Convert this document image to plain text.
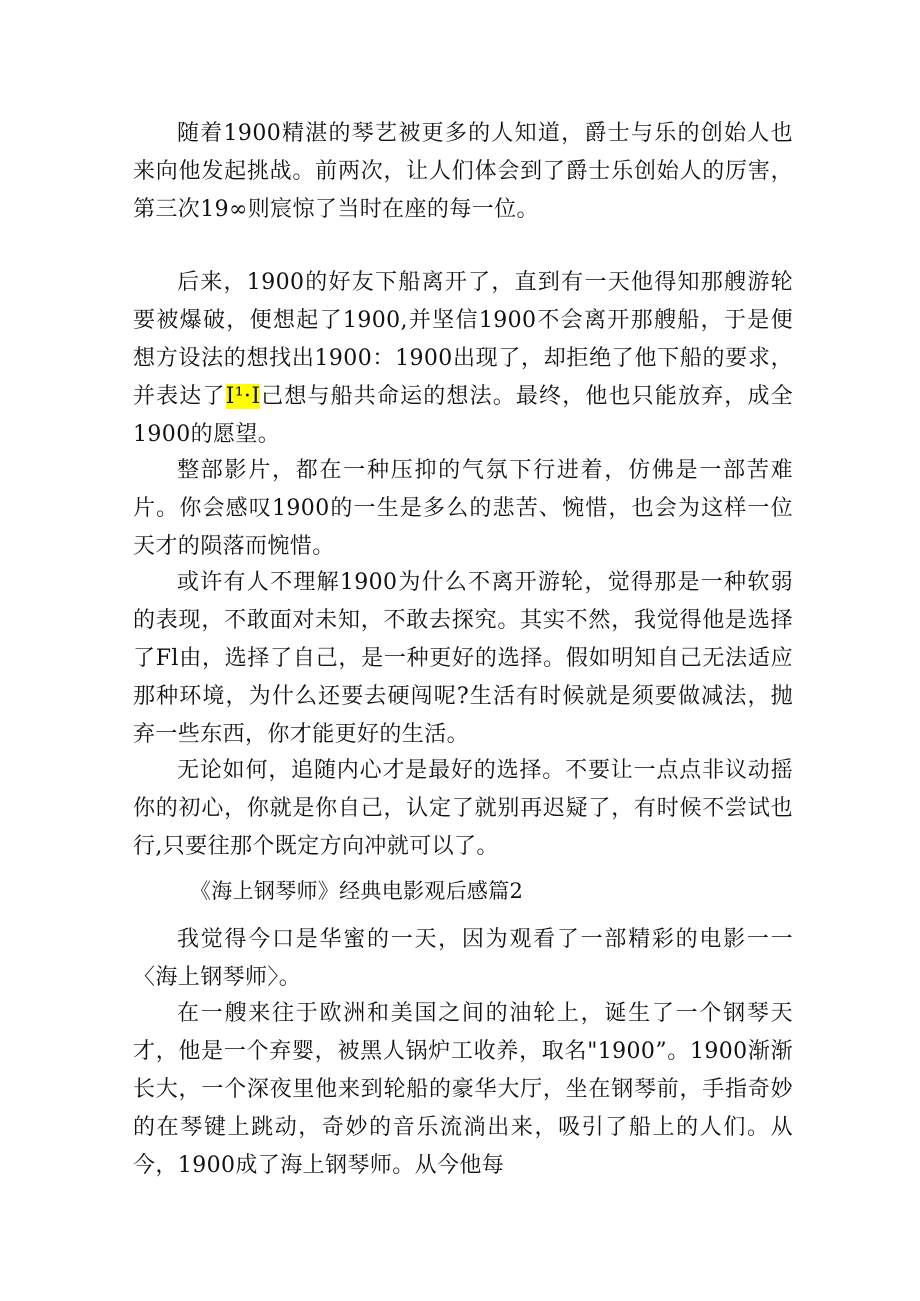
随着1900精湛的琴艺被更多的人知道，爵士与乐的创始人也来向他发起挑战。前两次，让人们体会到了爵士乐创始人的厉害，第三次19∞则宸惊了当时在座的每一位。

后来，1900的好友下船离开了，直到有一天他得知那艘游轮要被爆破，便想起了1900,并坚信1900不会离开那艘船，于是便想方设法的想找出1900：1900出现了，却拒绝了他下船的要求，并表达了I¹·I己想与船共命运的想法。最终，他也只能放弃，成全1900的愿望。

整部影片，都在一种压抑的气氛下行进着，仿佛是一部苦难片。你会感叹1900的一生是多么的悲苦、惋惜，也会为这样一位天才的陨落而惋惜。

或许有人不理解1900为什么不离开游轮，觉得那是一种软弱的表现，不敢面对未知，不敢去探究。其实不然，我觉得他是选择了Fl由，选择了自己，是一种更好的选择。假如明知自己无法适应那种环境，为什么还要去硬闯呢?生活有时候就是须要做减法，抛弃一些东西，你才能更好的生活。

无论如何，追随内心才是最好的选择。不要让一点点非议动摇你的初心，你就是你自己，认定了就别再迟疑了，有时候不尝试也行,只要往那个既定方向冲就可以了。

《海上钢琴师》经典电影观后感篇2

我觉得今口是华蜜的一天，因为观看了一部精彩的电影一一〈海上钢琴师〉。

在一艘来往于欧洲和美国之间的油轮上，诞生了一个钢琴天才，他是一个弃婴，被黑人锅炉工收养，取名"1900”。1900渐渐长大，一个深夜里他来到轮船的豪华大厅，坐在钢琴前，手指奇妙的在琴键上跳动，奇妙的音乐流淌出来，吸引了船上的人们。从今，1900成了海上钢琴师。从今他每
